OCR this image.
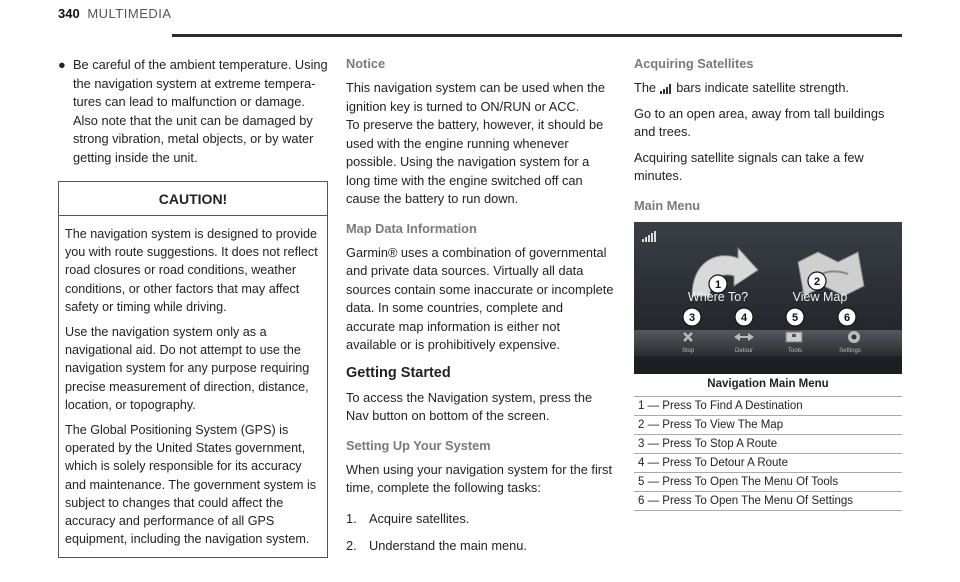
340 MULTIMEDIA
● Be careful of the ambient temperature. Using the navigation system at extreme tempera-tures can lead to malfunction or damage. Also note that the unit can be damaged by strong vibration, metal objects, or by water getting inside the unit.
CAUTION!

The navigation system is designed to provide you with route suggestions. It does not reflect road closures or road conditions, weather conditions, or other factors that may affect safety or timing while driving.

Use the navigation system only as a navigational aid. Do not attempt to use the navigation system for any purpose requiring precise measurement of direction, distance, location, or topography.

The Global Positioning System (GPS) is operated by the United States government, which is solely responsible for its accuracy and maintenance. The government system is subject to changes that could affect the accuracy and performance of all GPS equipment, including the navigation system.

Notice

This navigation system can be used when the ignition key is turned to ON/RUN or ACC.

To preserve the battery, however, it should be used with the engine running whenever possible. Using the navigation system for a long time with the engine switched off can cause the battery to run down.

Map Data Information

Garmin® uses a combination of governmental and private data sources. Virtually all data sources contain some inaccurate or incomplete data. In some countries, complete and accurate map information is either not available or is prohibitively expensive.

Getting Started

To access the Navigation system, press the Nav button on bottom of the screen.

Setting Up Your System

When using your navigation system for the first time, complete the following tasks:

1. Acquire satellites.
2. Understand the main menu.
Acquiring Satellites

The bars indicate satellite strength.

Go to an open area, away from tall buildings and trees.

Acquiring satellite signals can take a few minutes.

Main Menu
1	2
3	4	5	6
Where To?	View Map
Stop	Detour	Tools	Settings
Navigation Main Menu
1 — Press To Find A Destination
2 — Press To View The Map
3 — Press To Stop A Route
4 — Press To Detour A Route
5 — Press To Open The Menu Of Tools
6 — Press To Open The Menu Of Settings
